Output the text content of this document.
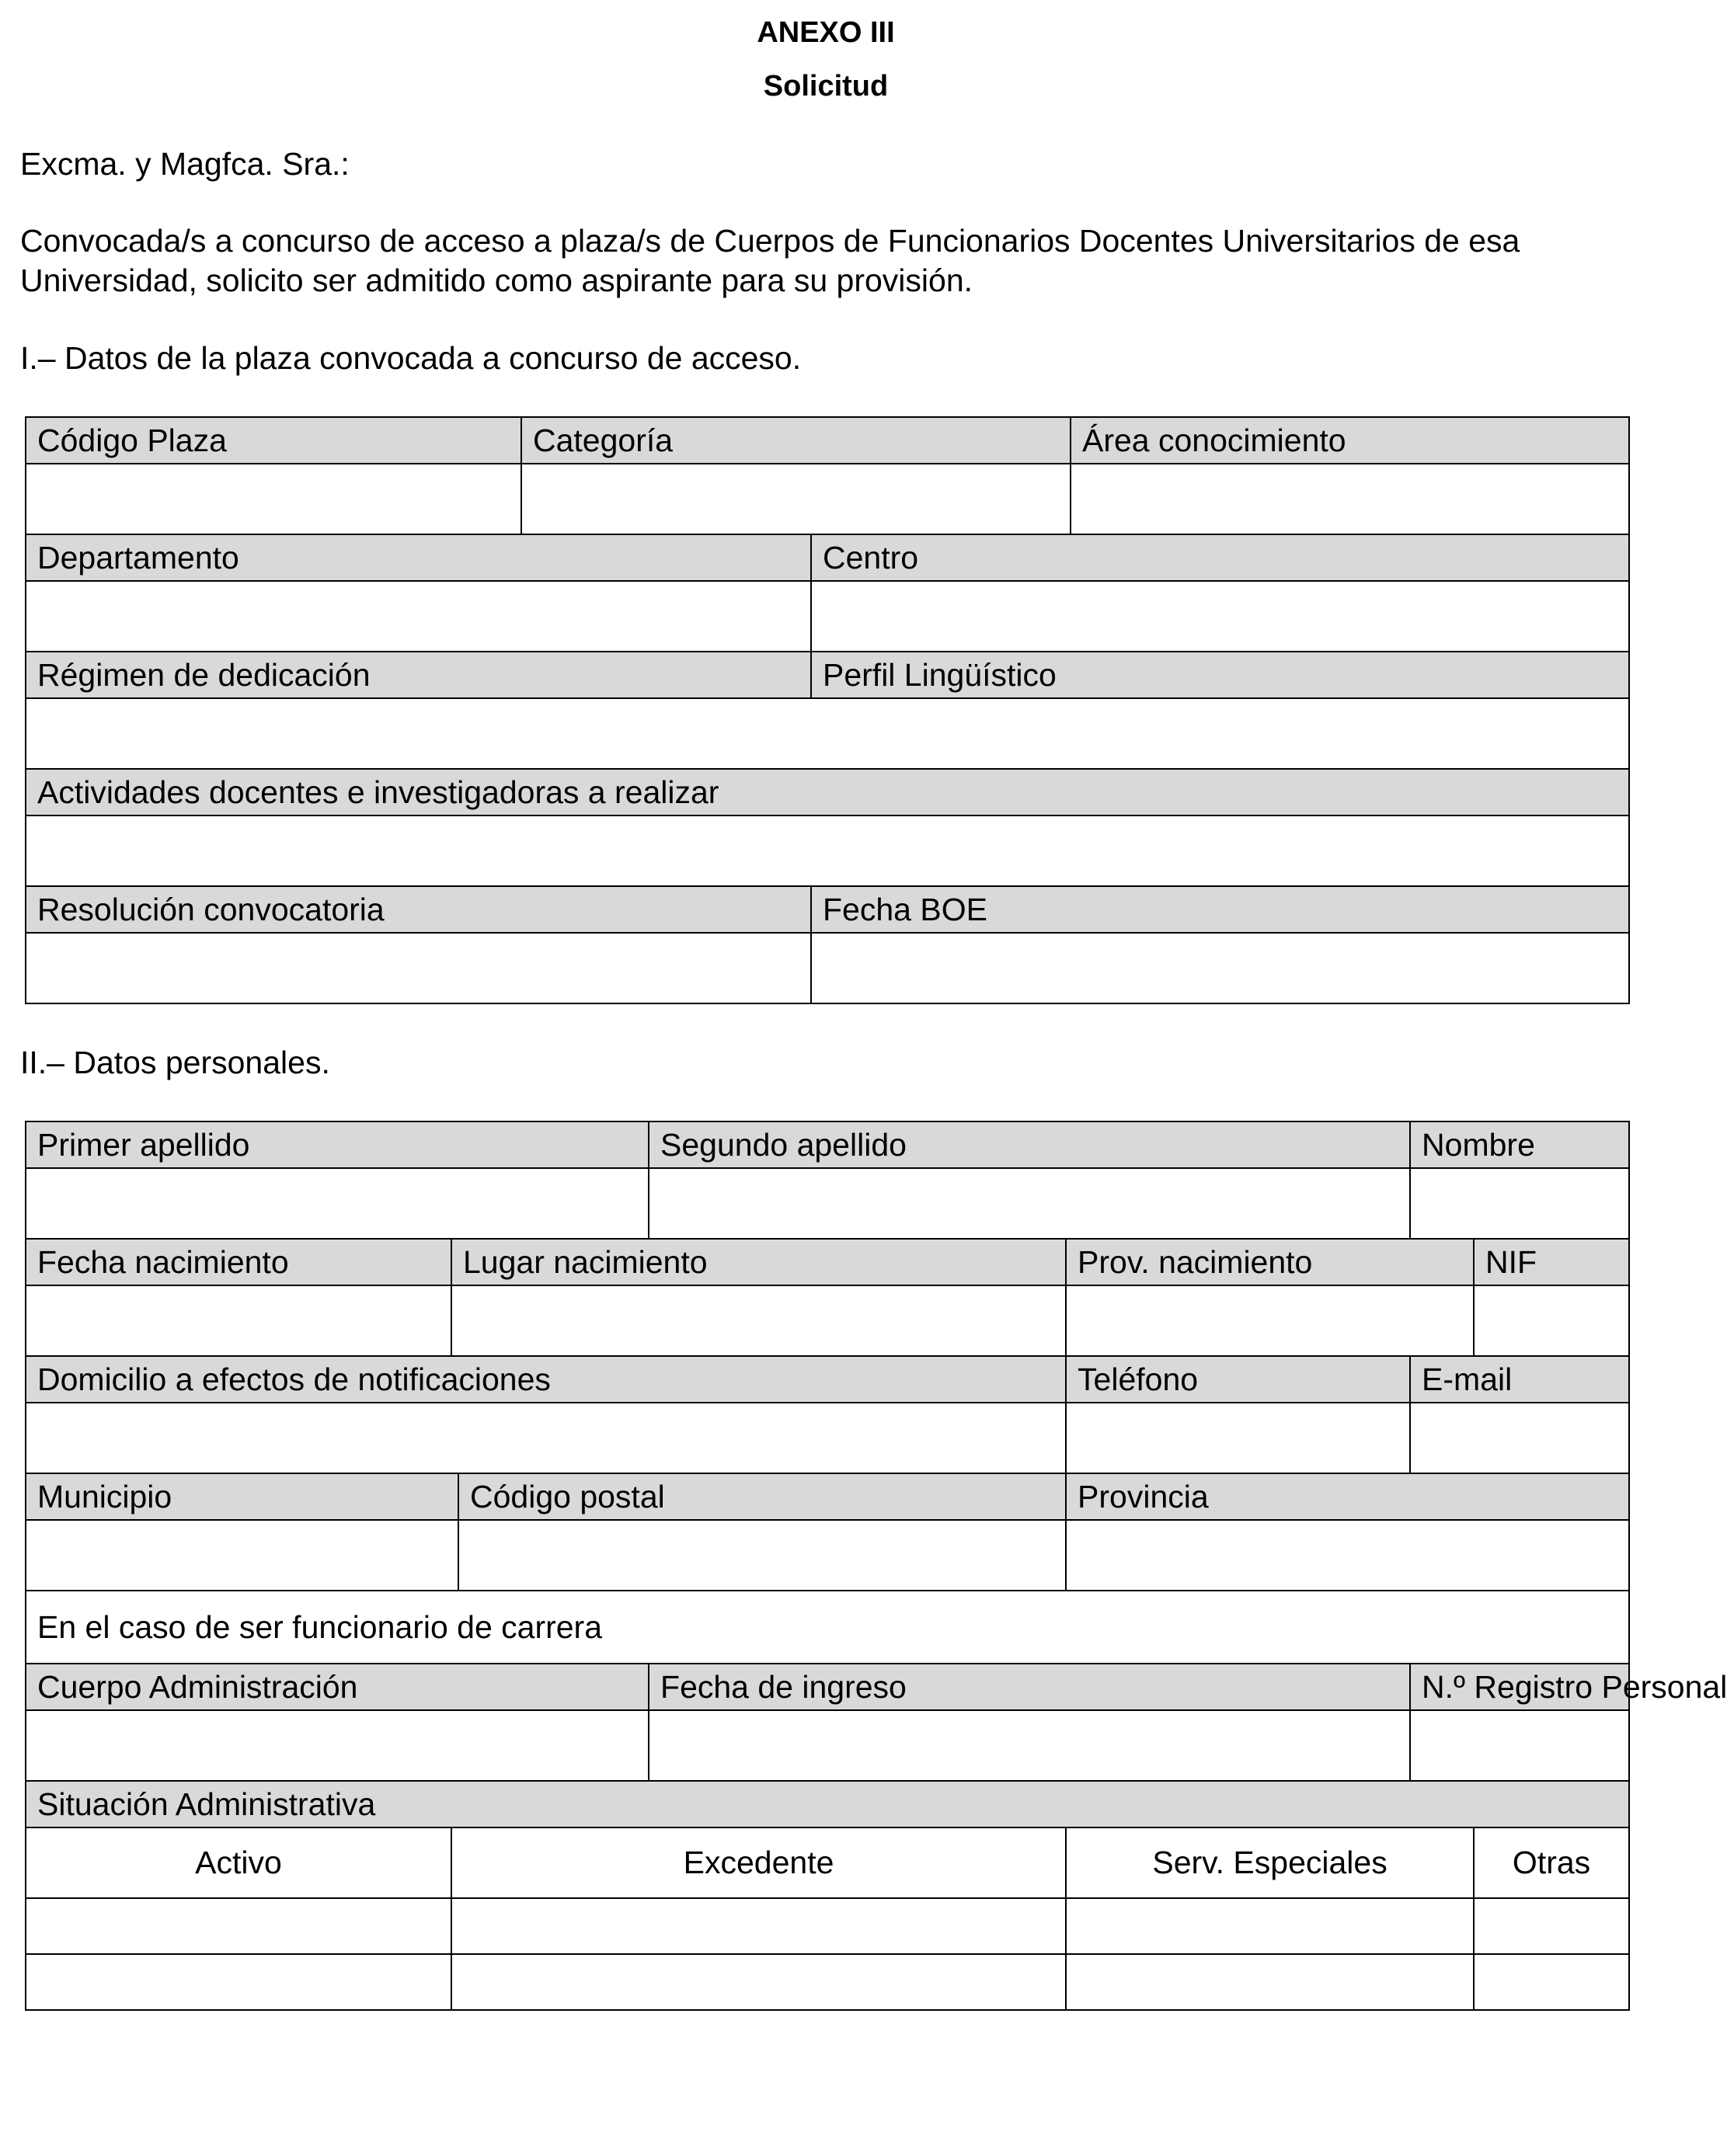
ANEXO III
Solicitud
Excma. y Magfca. Sra.:
Convocada/s a concurso de acceso a plaza/s de Cuerpos de Funcionarios Docentes Universitarios de esa
Universidad, solicito ser admitido como aspirante para su provisión.
I.– Datos de la plaza convocada a concurso de acceso.
Código Plaza	Categoría		Área conocimiento

Departamento		Centro	

Régimen de dedicación		Perfil Lingüístico	

Actividades docentes e investigadoras a realizar			

Resolución convocatoria		Fecha BOE	

II.– Datos personales.
Primer apellido			Segundo apellido		Nombre	

Fecha nacimiento	Lugar nacimiento			Prov. nacimiento		NIF

Domicilio a efectos de notificaciones				Teléfono	E-mail	

Municipio		Código postal		Provincia		

En el caso de ser funcionario de carrera						
Cuerpo Administración			Fecha de ingreso		N.º Registro Personal	

Situación Administrativa						
Activo	Excedente			Serv. Especiales		Otras
